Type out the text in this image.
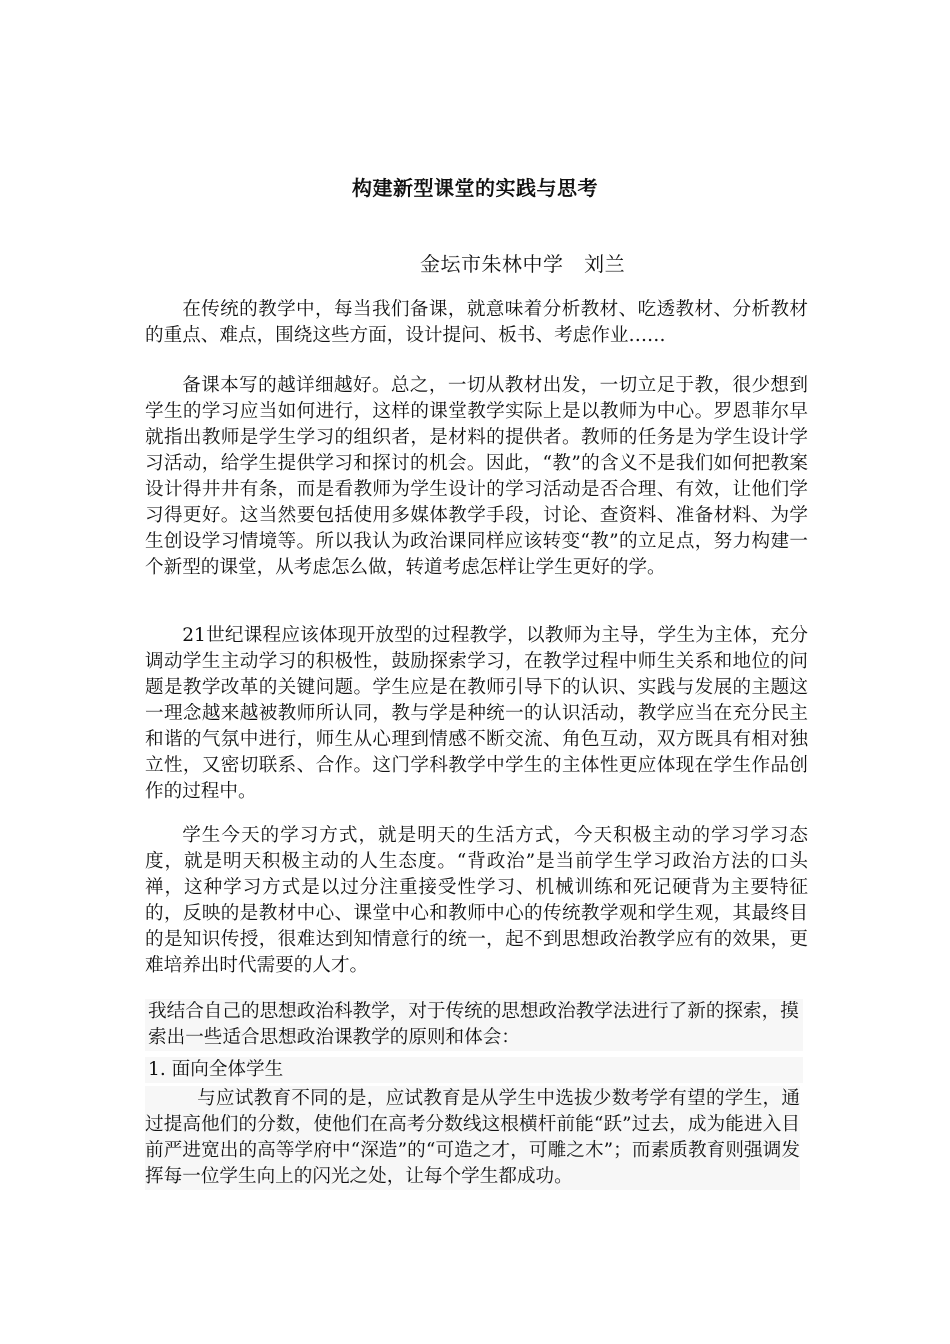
构建新型课堂的实践与思考
金坛市朱林中学   刘兰

在传统的教学中，每当我们备课，就意味着分析教材、吃透教材、分析教材的重点、难点，围绕这些方面，设计提问、板书、考虑作业……

备课本写的越详细越好。总之，一切从教材出发，一切立足于教，很少想到学生的学习应当如何进行，这样的课堂教学实际上是以教师为中心。罗恩菲尔早就指出教师是学生学习的组织者，是材料的提供者。教师的任务是为学生设计学习活动，给学生提供学习和探讨的机会。因此，“教”的含义不是我们如何把教案设计得井井有条，而是看教师为学生设计的学习活动是否合理、有效，让他们学习得更好。这当然要包括使用多媒体教学手段，讨论、查资料、准备材料、为学生创设学习情境等。所以我认为政治课同样应该转变“教”的立足点，努力构建一个新型的课堂，从考虑怎么做，转道考虑怎样让学生更好的学。

21世纪课程应该体现开放型的过程教学，以教师为主导，学生为主体，充分调动学生主动学习的积极性，鼓励探索学习，在教学过程中师生关系和地位的问题是教学改革的关键问题。学生应是在教师引导下的认识、实践与发展的主题这一理念越来越被教师所认同，教与学是种统一的认识活动，教学应当在充分民主和谐的气氛中进行，师生从心理到情感不断交流、角色互动，双方既具有相对独立性，又密切联系、合作。这门学科教学中学生的主体性更应体现在学生作品创作的过程中。

学生今天的学习方式，就是明天的生活方式，今天积极主动的学习学习态度，就是明天积极主动的人生态度。“背政治”是当前学生学习政治方法的口头禅，这种学习方式是以过分注重接受性学习、机械训练和死记硬背为主要特征的，反映的是教材中心、课堂中心和教师中心的传统教学观和学生观，其最终目的是知识传授，很难达到知情意行的统一，起不到思想政治教学应有的效果，更难培养出时代需要的人才。

我结合自己的思想政治科教学，对于传统的思想政治教学法进行了新的探索，摸索出一些适合思想政治课教学的原则和体会：

1. 面向全体学生

与应试教育不同的是，应试教育是从学生中选拔少数考学有望的学生，通过提高他们的分数，使他们在高考分数线这根横杆前能“跃”过去，成为能进入目前严进宽出的高等学府中“深造”的“可造之才，可雕之木”；而素质教育则强调发挥每一位学生向上的闪光之处，让每个学生都成功。
